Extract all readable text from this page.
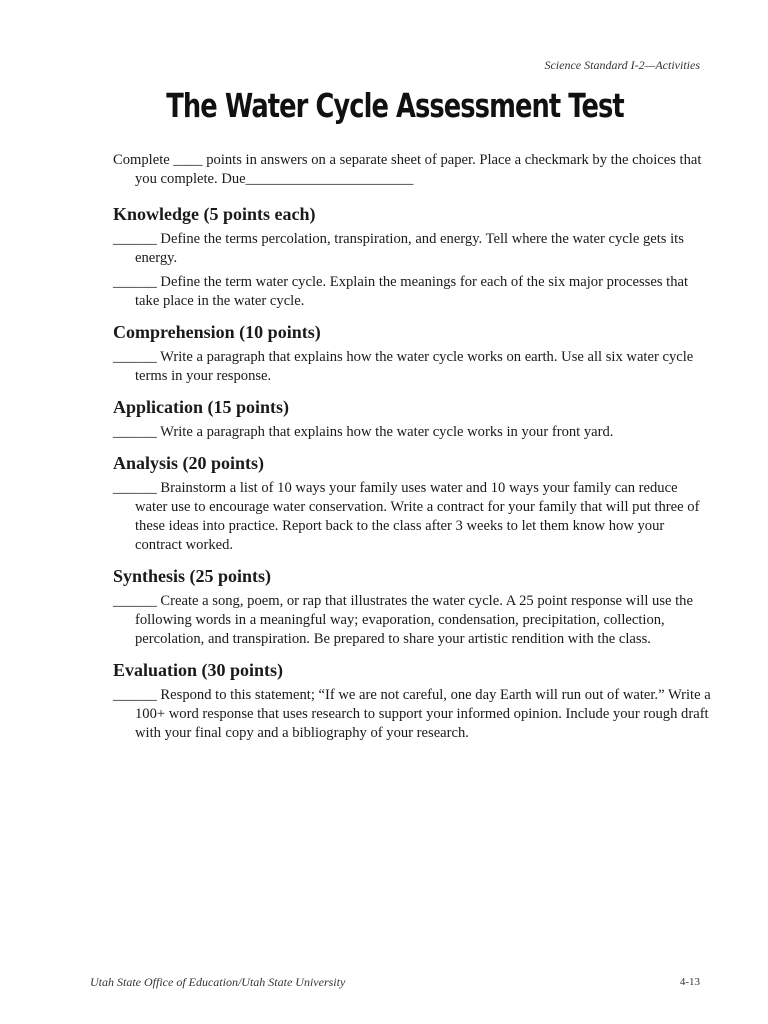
Science Standard I-2—Activities
The Water Cycle Assessment Test

Complete ____ points in answers on a separate sheet of paper. Place a checkmark by the choices that you complete. Due_______________________

Knowledge (5 points each)

______ Define the terms percolation, transpiration, and energy. Tell where the water cycle gets its energy.

______ Define the term water cycle. Explain the meanings for each of the six major processes that take place in the water cycle.

Comprehension (10 points)

______ Write a paragraph that explains how the water cycle works on earth. Use all six water cycle terms in your response.

Application (15 points)

______ Write a paragraph that explains how the water cycle works in your front yard.

Analysis (20 points)

______ Brainstorm a list of 10 ways your family uses water and 10 ways your family can reduce water use to encourage water conservation. Write a contract for your family that will put three of these ideas into practice. Report back to the class after 3 weeks to let them know how your contract worked.

Synthesis (25 points)

______ Create a song, poem, or rap that illustrates the water cycle. A 25 point response will use the following words in a meaningful way; evaporation, condensation, precipitation, collection, percolation, and transpiration. Be prepared to share your artistic rendition with the class.

Evaluation (30 points)

______ Respond to this statement; “If we are not careful, one day Earth will run out of water.” Write a 100+ word response that uses research to support your informed opinion. Include your rough draft with your final copy and a bibliography of your research.

Utah State Office of Education/Utah State University	4-13
